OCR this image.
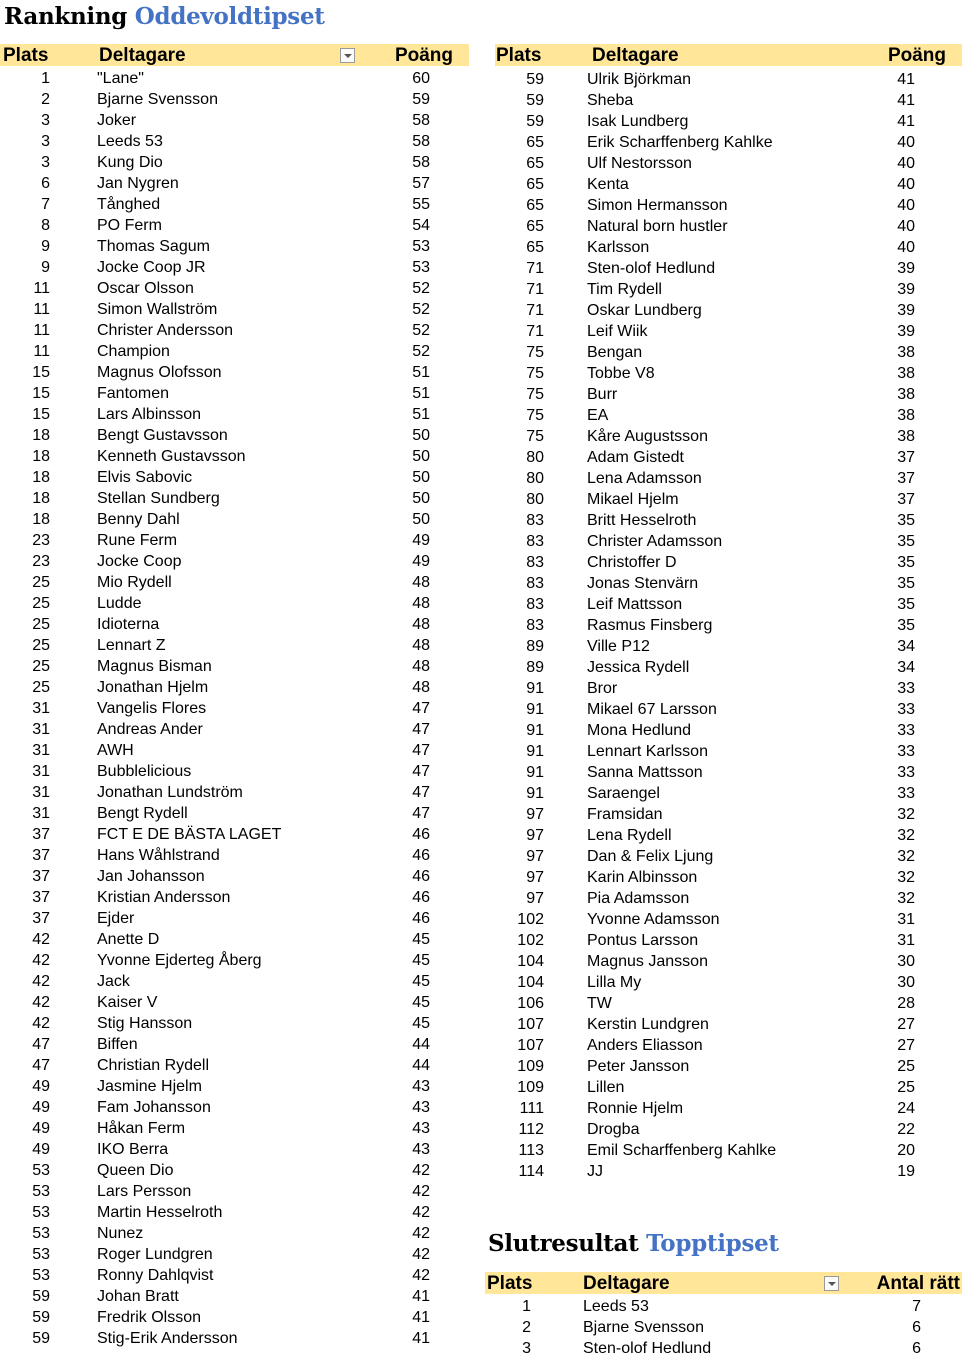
Rankning Oddevoldtipset
Plats	Deltagare	Poäng Plats	Deltagare	Poäng
1	"Lane"	60
2	Bjarne Svensson	59
3	Joker	58
3	Leeds 53	58
3	Kung Dio	58
6	Jan Nygren	57
7	Tånghed	55
8	PO Ferm	54
9	Thomas Sagum	53
9	Jocke Coop JR	53
11	Oscar Olsson	52
11	Simon Wallström	52
11	Christer Andersson	52
11	Champion	52
15	Magnus Olofsson	51
15	Fantomen	51
15	Lars Albinsson	51
18	Bengt Gustavsson	50
18	Kenneth Gustavsson	50
18	Elvis Sabovic	50
18	Stellan Sundberg	50
18	Benny Dahl	50
23	Rune Ferm	49
23	Jocke Coop	49
25	Mio Rydell	48
25	Ludde	48
25	Idioterna	48
25	Lennart Z	48
25	Magnus Bisman	48
25	Jonathan Hjelm	48
31	Vangelis Flores	47
31	Andreas Ander	47
31	AWH	47
31	Bubblelicious	47
31	Jonathan Lundström	47
31	Bengt Rydell	47
37	FCT E DE BÄSTA LAGET	46
37	Hans Wåhlstrand	46
37	Jan Johansson	46
37	Kristian Andersson	46
37	Ejder	46
42	Anette D	45
42	Yvonne Ejderteg Åberg	45
42	Jack	45
42	Kaiser V	45
42	Stig Hansson	45
47	Biffen	44
47	Christian Rydell	44
49	Jasmine Hjelm	43
49	Fam Johansson	43
49	Håkan Ferm	43
49	IKO Berra	43
53	Queen Dio	42
53	Lars Persson	42
53	Martin Hesselroth	42
53	Nunez	42
53	Roger Lundgren	42
53	Ronny Dahlqvist	42
59	Johan Bratt	41
59	Fredrik Olsson	41
59	Stig-Erik Andersson	41
59	Ulrik Björkman	41
59	Sheba	41
59	Isak Lundberg	41
65	Erik Scharffenberg Kahlke	40
65	Ulf Nestorsson	40
65	Kenta	40
65	Simon Hermansson	40
65	Natural born hustler	40
65	Karlsson	40
71	Sten-olof Hedlund	39
71	Tim Rydell	39
71	Oskar Lundberg	39
71	Leif Wiik	39
75	Bengan	38
75	Tobbe V8	38
75	Burr	38
75	EA	38
75	Kåre Augustsson	38
80	Adam Gistedt	37
80	Lena Adamsson	37
80	Mikael Hjelm	37
83	Britt Hesselroth	35
83	Christer Adamsson	35
83	Christoffer D	35
83	Jonas Stenvärn	35
83	Leif Mattsson	35
83	Rasmus Finsberg	35
89	Ville P12	34
89	Jessica Rydell	34
91	Bror	33
91	Mikael 67 Larsson	33
91	Mona Hedlund	33
91	Lennart Karlsson	33
91	Sanna Mattsson	33
91	Saraengel	33
97	Framsidan	32
97	Lena Rydell	32
97	Dan & Felix Ljung	32
97	Karin Albinsson	32
97	Pia Adamsson	32
102	Yvonne Adamsson	31
102	Pontus Larsson	31
104	Magnus Jansson	30
104	Lilla My	30
106	TW	28
107	Kerstin Lundgren	27
107	Anders Eliasson	27
109	Peter Jansson	25
109	Lillen	25
111	Ronnie Hjelm	24
112	Drogba	22
113	Emil Scharffenberg Kahlke	20
114	JJ	19
Slutresultat Topptipset
Plats	Deltagare	Antal rätt
1	Leeds 53	7
2	Bjarne Svensson	6
3	Sten-olof Hedlund	6
